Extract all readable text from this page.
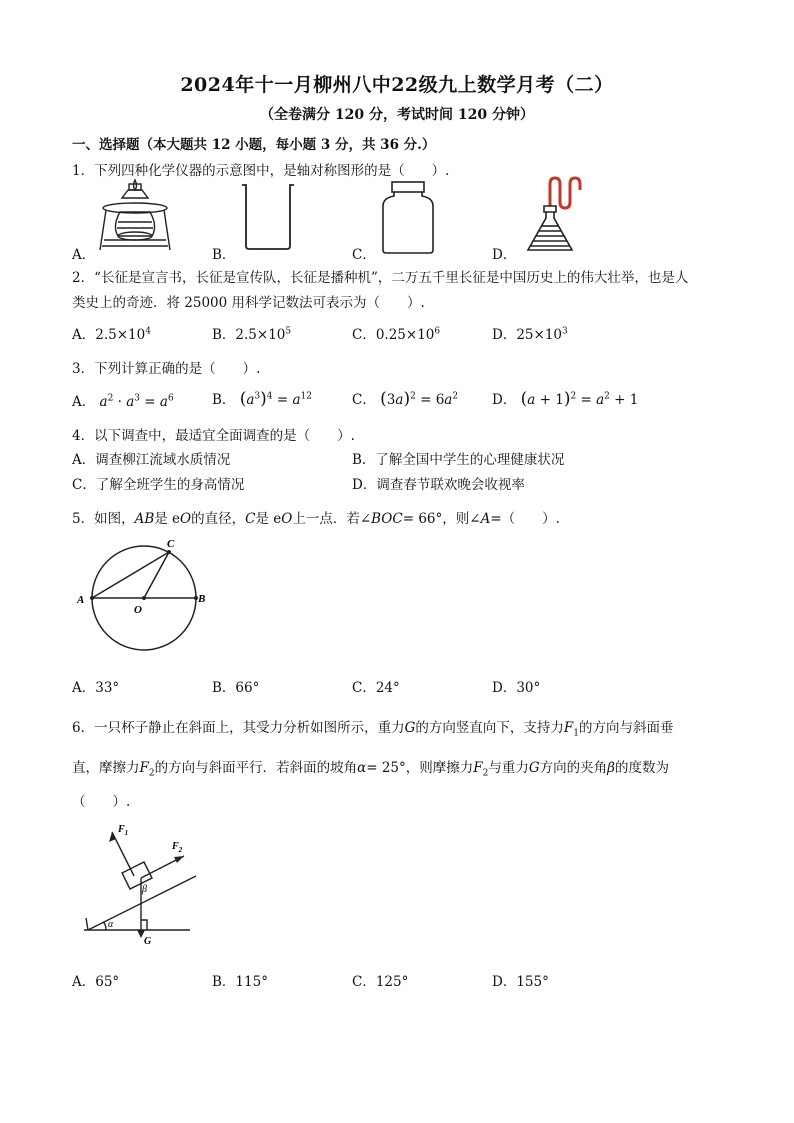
2024年十一月柳州八中22级九上数学月考（二）
（全卷满分 120 分，考试时间 120 分钟）
一、选择题（本大题共 12 小题，每小题 3 分，共 36 分.）
1．下列四种化学仪器的示意图中，是轴对称图形的是（　　）.
A．	B．	C．	D．
2．“长征是宣言书，长征是宣传队，长征是播种机”，二万五千里长征是中国历史上的伟大壮举，也是人
类史上的奇迹．将 25000 用科学记数法可表示为（　　）.
A．$2.5\times 10^4$	B．$2.5\times 10^5$	C．$0.25\times 10^6$	D．$25\times 10^3$
3．下列计算正确的是（　　）.
A． $a^2 \cdot a^3 = a^6$	B． $(a^3)^4 = a^{12}$	C． $(3a)^2 = 6a^2$	D． $(a + 1)^2 = a^2 + 1$
4．以下调查中，最适宜全面调查的是（　　）.
A．调查柳江流域水质情况	B．了解全国中学生的心理健康状况
C．了解全班学生的身高情况	D．调查春节联欢晚会收视率
5．如图，AB是 eO的直径，C是 eO上一点．若∠BOC= 66°，则∠A=（　　）.
A	B
C
O
A．33°	B．66°	C．24°	D．30°
6．一只杯子静止在斜面上，其受力分析如图所示，重力G的方向竖直向下，支持力$F_1$的方向与斜面垂
直，摩擦力$F_2$的方向与斜面平行．若斜面的坡角α= 25°，则摩擦力$F_2$与重力G方向的夹角β的度数为
（　　）.
$F_1$
$F_2$
G
α
β
A．65°	B．115°	C．125°	D．155°
